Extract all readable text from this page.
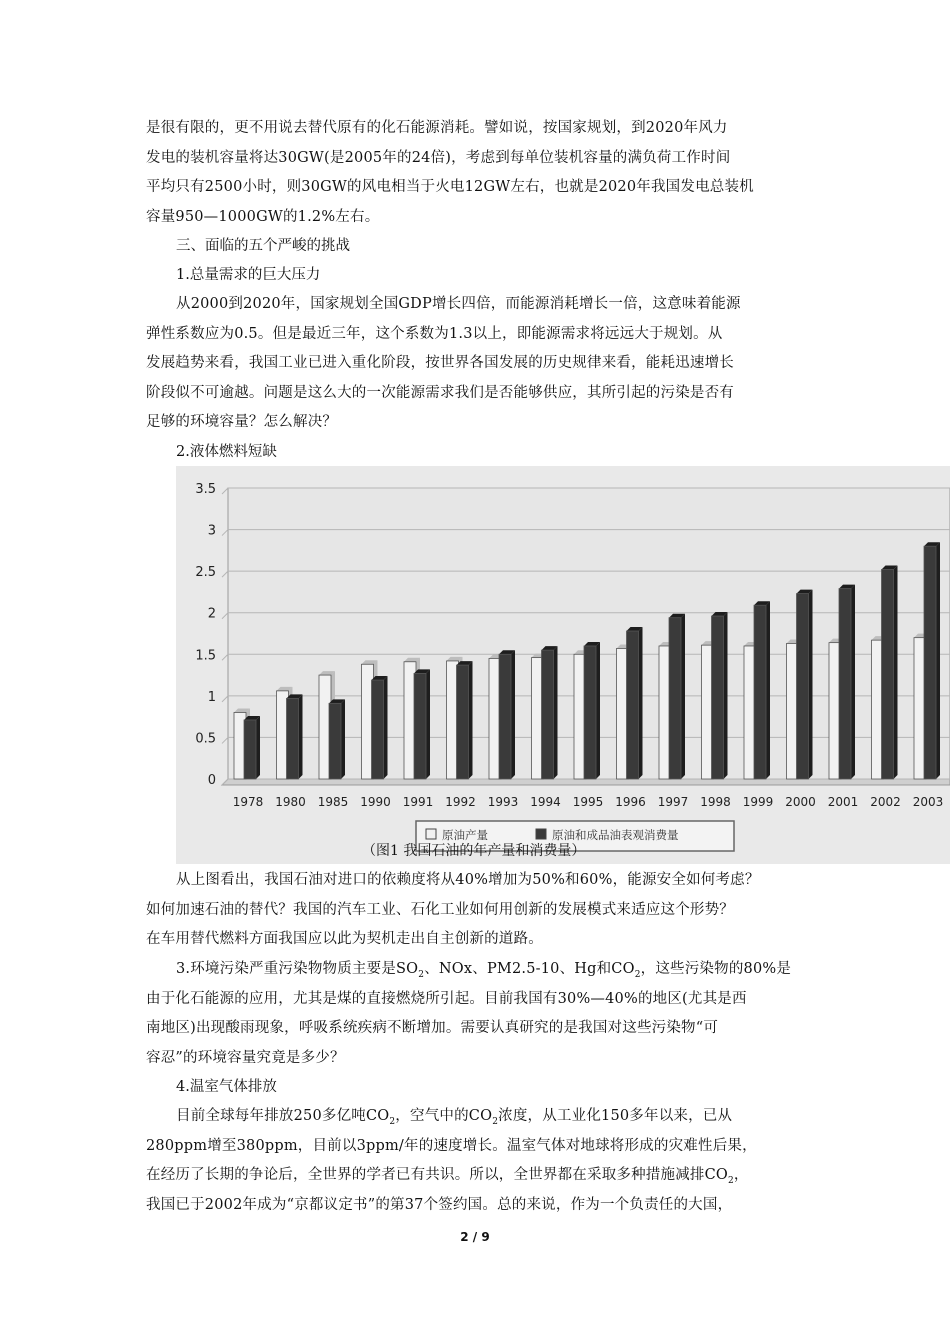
是很有限的，更不用说去替代原有的化石能源消耗。譬如说，按国家规划，到2020年风力
发电的装机容量将达30GW(是2005年的24倍)，考虑到每单位装机容量的满负荷工作时间
平均只有2500小时，则30GW的风电相当于火电12GW左右，也就是2020年我国发电总装机
容量950—1000GW的1.2%左右。
三、面临的五个严峻的挑战
1.总量需求的巨大压力
从2000到2020年，国家规划全国GDP增长四倍，而能源消耗增长一倍，这意味着能源
弹性系数应为0.5。但是最近三年，这个系数为1.3以上，即能源需求将远远大于规划。从
发展趋势来看，我国工业已进入重化阶段，按世界各国发展的历史规律来看，能耗迅速增长
阶段似不可逾越。问题是这么大的一次能源需求我们是否能够供应，其所引起的污染是否有
足够的环境容量？怎么解决？
2.液体燃料短缺
0
0.5
1
1.5
2
2.5
3
3.5
1978 1980 1985 1990 1991 1992 1993 1994 1995 1996 1997 1998 1999 2000 2001 2002 2003
原油产量	原油和成品油表观消费量
（图1 我国石油的年产量和消费量）
从上图看出，我国石油对进口的依赖度将从40%增加为50%和60%，能源安全如何考虑？
如何加速石油的替代？我国的汽车工业、石化工业如何用创新的发展模式来适应这个形势？
在车用替代燃料方面我国应以此为契机走出自主创新的道路。
3.环境污染严重污染物物质主要是$SO_2$、NOx、PM2.5-10、Hg和$CO_2$，这些污染物的80%是
由于化石能源的应用，尤其是煤的直接燃烧所引起。目前我国有30%—40%的地区(尤其是西
南地区)出现酸雨现象，呼吸系统疾病不断增加。需要认真研究的是我国对这些污染物“可
容忍”的环境容量究竟是多少？
4.温室气体排放
目前全球每年排放250多亿吨$CO_2$，空气中的$CO_2$浓度，从工业化150多年以来，已从
280ppm增至380ppm，目前以3ppm/年的速度增长。温室气体对地球将形成的灾难性后果，
在经历了长期的争论后，全世界的学者已有共识。所以，全世界都在采取多种措施减排$CO_2$，
我国已于2002年成为“京都议定书”的第37个签约国。总的来说，作为一个负责任的大国，
2 / 9
